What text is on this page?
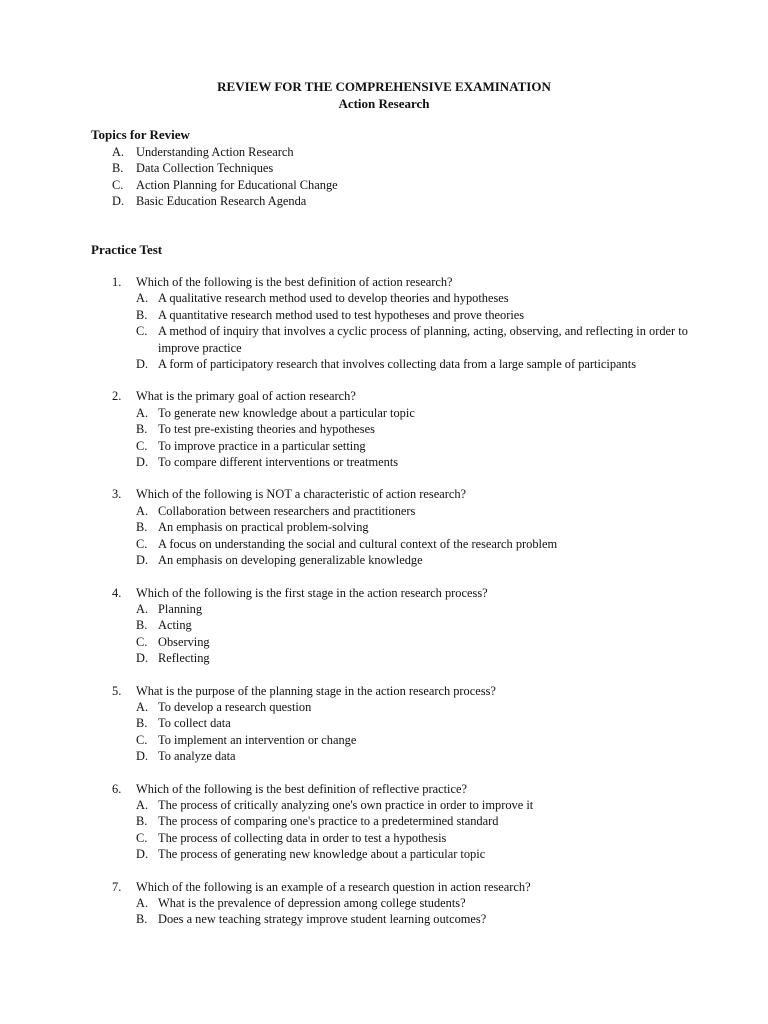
REVIEW FOR THE COMPREHENSIVE EXAMINATION
Action Research
Topics for Review
A. Understanding Action Research
B.	Data Collection Techniques
C.	Action Planning for Educational Change
D. Basic Education Research Agenda
Practice Test
1.	Which of the following is the best definition of action research?
A. A qualitative research method used to develop theories and hypotheses
B. A quantitative research method used to test hypotheses and prove theories
C. A method of inquiry that involves a cyclic process of planning, acting, observing, and reflecting in order to improve practice
D. A form of participatory research that involves collecting data from a large sample of participants
2.	What is the primary goal of action research?
A. To generate new knowledge about a particular topic
B. To test pre-existing theories and hypotheses
C. To improve practice in a particular setting
D. To compare different interventions or treatments
3.	Which of the following is NOT a characteristic of action research?
A. Collaboration between researchers and practitioners
B. An emphasis on practical problem-solving
C. A focus on understanding the social and cultural context of the research problem
D. An emphasis on developing generalizable knowledge
4.	Which of the following is the first stage in the action research process?
A. Planning
B. Acting
C. Observing
D. Reflecting
5.	What is the purpose of the planning stage in the action research process?
A. To develop a research question
B. To collect data
C. To implement an intervention or change
D. To analyze data
6.	Which of the following is the best definition of reflective practice?
A. The process of critically analyzing one's own practice in order to improve it
B. The process of comparing one's practice to a predetermined standard
C. The process of collecting data in order to test a hypothesis
D. The process of generating new knowledge about a particular topic
7.	Which of the following is an example of a research question in action research?
A. What is the prevalence of depression among college students?
B. Does a new teaching strategy improve student learning outcomes?
